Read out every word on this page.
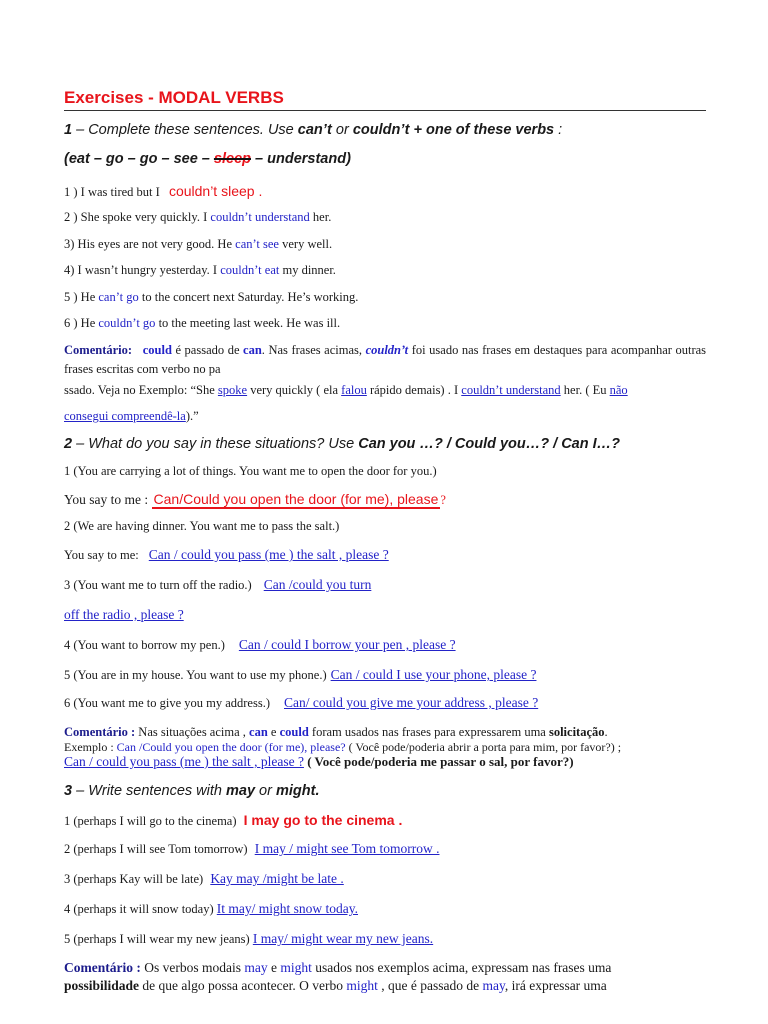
Exercises - MODAL VERBS
1 – Complete these sentences. Use can’t or couldn’t + one of these verbs :
(eat – go – go – see – sleep – understand)
1 ) I was tired but I couldn’t sleep .
2 ) She spoke very quickly. I couldn’t understand her.
3) His eyes are not very good. He can’t see very well.
4) I wasn’t hungry yesterday. I couldn’t eat my dinner.
5 ) He can’t go to the concert next Saturday. He’s working.
6 ) He couldn’t go to the meeting last week. He was ill.
Comentário: could é passado de can. Nas frases acimas, couldn’t foi usado nas frases em destaques para acompanhar outras frases escritas com verbo no pa
ssado. Veja no Exemplo: “She spoke very quickly ( ela falou rápido demais) . I couldn’t understand her. ( Eu não
consegui compreendê-la).”
2 – What do you say in these situations? Use Can you …? / Could you…? / Can I…?
1 (You are carrying a lot of things. You want me to open the door for you.)
You say to me : Can/Could you open the door (for me), please ?
2 (We are having dinner. You want me to pass the salt.)
You say to me: Can / could you pass (me ) the salt , please ?
3 (You want me to turn off the radio.) Can /could you turn
off the radio , please ?
4 (You want to borrow my pen.) Can / could I borrow your pen , please ?
5 (You are in my house. You want to use my phone.) Can / could I use your phone, please ?
6 (You want me to give you my address.) Can/ could you give me your address , please ?
Comentário : Nas situações acima , can e could foram usados nas frases para expressarem uma solicitação.
Exemplo : Can /Could you open the door (for me), please? ( Você pode/poderia abrir a porta para mim, por favor?) ;
Can / could you pass (me ) the salt , please ? ( Você pode/poderia me passar o sal, por favor?)
3 – Write sentences with may or might.
1 (perhaps I will go to the cinema) I may go to the cinema .
2 (perhaps I will see Tom tomorrow) I may / might see Tom tomorrow .
3 (perhaps Kay will be late) Kay may /might be late .
4 (perhaps it will snow today) It may/ might snow today.
5 (perhaps I will wear my new jeans) I may/ might wear my new jeans.
Comentário : Os verbos modais may e might usados nos exemplos acima, expressam nas frases uma
possibilidade de que algo possa acontecer. O verbo might , que é passado de may, irá expressar uma
